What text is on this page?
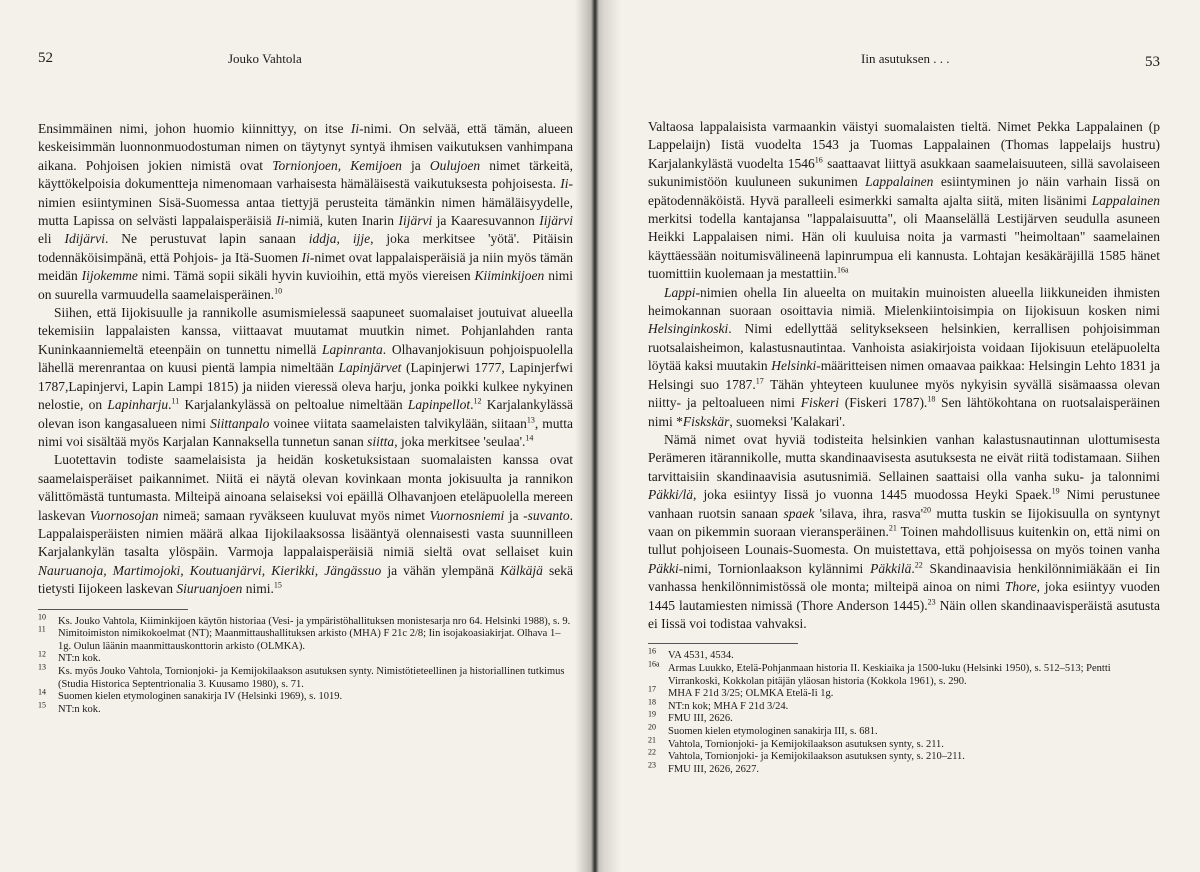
52	Jouko Vahtola

Ensimmäinen nimi, johon huomio kiinnittyy, on itse Ii-nimi. On selvää, että tämän, alueen keskeisimmän luonnonmuodostuman nimen on täytynyt syntyä ihmisen vaikutuksen vanhimpana aikana. Pohjoisen jokien nimistä ovat Tornionjoen, Kemijoen ja Oulujoen nimet tärkeitä, käyttökelpoisia dokumentteja nimenomaan varhaisesta hämäläisestä vaikutuksesta pohjoisesta. Ii-nimien esiintyminen Sisä-Suomessa antaa tiettyjä perusteita tämänkin nimen hämäläisyydelle, mutta Lapissa on selvästi lappalaisperäisiä Ii-nimiä, kuten Inarin Iijärvi ja Kaaresuvannon Iijärvi eli Idijärvi. Ne perustuvat lapin sanaan iddja, ijje, joka merkitsee 'yötä'. Pitäisin todennäköisimpänä, että Pohjois- ja Itä-Suomen Ii-nimet ovat lappalaisperäisiä ja niin myös tämän meidän Iijokemme nimi. Tämä sopii sikäli hyvin kuvioihin, että myös viereisen Kiiminkijoen nimi on suurella varmuudella saamelaisperäinen.$^{10}$

Siihen, että Iijokisuulle ja rannikolle asumismielessä saapuneet suomalaiset joutuivat alueella tekemisiin lappalaisten kanssa, viittaavat muutamat muutkin nimet. Pohjanlahden ranta Kuninkaanniemeltä eteenpäin on tunnettu nimellä Lapinranta. Olhavanjokisuun pohjoispuolella lähellä merenrantaa on kuusi pientä lampia nimeltään Lapinjärvet (Lapinjerwi 1777, Lapinjerfwi 1787,Lapinjervi, Lapin Lampi 1815) ja niiden vieressä oleva harju, jonka poikki kulkee nykyinen nelostie, on Lapinharju.$^{11}$ Karjalankylässä on peltoalue nimeltään Lapinpellot.$^{12}$ Karjalankylässä olevan ison kangasalueen nimi Siittanpalo voinee viitata saamelaisten talvikylään, siitaan$^{13}$, mutta nimi voi sisältää myös Karjalan Kannaksella tunnetun sanan siitta, joka merkitsee 'seulaa'.$^{14}$

Luotettavin todiste saamelaisista ja heidän kosketuksistaan suomalaisten kanssa ovat saamelaisperäiset paikannimet. Niitä ei näytä olevan kovinkaan monta jokisuulta ja rannikon välittömästä tuntumasta. Milteipä ainoana selaiseksi voi epäillä Olhavanjoen eteläpuolella mereen laskevan Vuornosojan nimeä; samaan ryväkseen kuuluvat myös nimet Vuornosniemi ja -suvanto. Lappalaisperäisten nimien määrä alkaa Iijokilaaksossa lisääntyä olennaisesti vasta suunnilleen Karjalankylän tasalta ylöspäin. Varmoja lappalaisperäisiä nimiä sieltä ovat sellaiset kuin Nauruanoja, Martimojoki, Koutuanjärvi, Kierikki, Jängässuo ja vähän ylempänä Kälkäjä sekä tietysti Iijokeen laskevan Siuruanjoen nimi.$^{15}$

$^{10}$ Ks. Jouko Vahtola, Kiiminkijoen käytön historiaa (Vesi- ja ympäristöhallituksen monistesarja nro 64. Helsinki 1988), s. 9.

$^{11}$ Nimitoimiston nimikokoelmat (NT); Maanmittaushallituksen arkisto (MHA) F 21c 2/8; Iin isojakoasiakirjat. Olhava 1–1g. Oulun läänin maanmittauskonttorin arkisto (OLMKA).

$^{12}$ NT:n kok.

$^{13}$ Ks. myös Jouko Vahtola, Tornionjoki- ja Kemijokilaakson asutuksen synty. Nimistötieteellinen ja historiallinen tutkimus (Studia Historica Septentrionalia 3. Kuusamo 1980), s. 71.

$^{14}$ Suomen kielen etymologinen sanakirja IV (Helsinki 1969), s. 1019.

$^{15}$ NT:n kok.

Iin asutuksen . . .	53

Valtaosa lappalaisista varmaankin väistyi suomalaisten tieltä. Nimet Pekka Lappalainen (p Lappelaijn) Iistä vuodelta 1543 ja Tuomas Lappalainen (Thomas lappelaijs hustru) Karjalankylästä vuodelta 1546$^{16}$ saattaavat liittyä asukkaan saamelaisuuteen, sillä savolaiseen sukunimistöön kuuluneen sukunimen Lappalainen esiintyminen jo näin varhain Iissä on epätodennäköistä. Hyvä paralleeli esimerkki samalta ajalta siitä, miten lisänimi Lappalainen merkitsi todella kantajansa "lappalaisuutta", oli Maanselällä Lestijärven seudulla asuneen Heikki Lappalaisen nimi. Hän oli kuuluisa noita ja varmasti "heimoltaan" saamelainen käyttäessään noitumisvälineenä lapinrumpua eli kannusta. Lohtajan kesäkäräjillä 1585 hänet tuomittiin kuolemaan ja mestattiin.$^{16a}$

Lappi-nimien ohella Iin alueelta on muitakin muinoisten alueella liikkuneiden ihmisten heimokannan suoraan osoittavia nimiä. Mielenkiintoisimpia on Iijokisuun kosken nimi Helsinginkoski. Nimi edellyttää selityksekseen helsinkien, kerrallisen pohjoisimman ruotsalaisheimon, kalastusnautintaa. Vanhoista asiakirjoista voidaan Iijokisuun eteläpuolelta löytää kaksi muutakin Helsinki-määritteisen nimen omaavaa paikkaa: Helsingin Lehto 1831 ja Helsingi suo 1787.17 Tähän yhteyteen kuulunee myös nykyisin syvällä sisämaassa olevan niitty- ja peltoalueen nimi Fiskeri (Fiskeri 1787).$^{18}$ Sen lähtökohtana on ruotsalaisperäinen nimi *Fiskskär, suomeksi 'Kalakari'.

Nämä nimet ovat hyviä todisteita helsinkien vanhan kalastusnautinnan ulottumisesta Perämeren itärannikolle, mutta skandinaavisesta asutuksesta ne eivät riitä todistamaan. Siihen tarvittaisiin skandinaavisia asutusnimiä. Sellainen saattaisi olla vanha suku- ja talonnimi Päkki/lä, joka esiintyy Iissä jo vuonna 1445 muodossa Heyki Spaek.$^{19}$ Nimi perustunee vanhaan ruotsin sanaan spaek 'silava, ihra, $rasva'^{20}$ mutta tuskin se Iijokisuulla on syntynyt vaan on pikemmin suoraan vieransperäinen.$^{21}$ Toinen mahdollisuus kuitenkin on, että nimi on tullut pohjoiseen Lounais-Suomesta. On muistettava, että pohjoisessa on myös toinen vanha Päkki-nimi, Tornionlaakson kylännimi Päkkilä.$^{22}$ Skandinaavisia henkilönnimiäkään ei Iin vanhassa henkilönnimistössä ole monta; milteipä ainoa on nimi Thore, joka esiintyy vuoden 1445 lautamiesten nimissä (Thore Anderson 1445).$^{23}$ Näin ollen skandinaavisperäistä asutusta ei Iissä voi todistaa vahvaksi.

$^{16}$ VA 4531, 4534.

$^{16a}$ Armas Luukko, Etelä-Pohjanmaan historia II. Keskiaika ja 1500-luku (Helsinki 1950), s. 512–513; Pentti Virrankoski, Kokkolan pitäjän yläosan historia (Kokkola 1961), s. 290.

$^{17}$ MHA F 21d 3/25; OLMKA Etelä-Ii 1g.

$^{18}$ NT:n kok; MHA F 21d 3/24.

$^{19}$ FMU III, 2626.

$^{20}$ Suomen kielen etymologinen sanakirja III, s. 681.

$^{21}$ Vahtola, Tornionjoki- ja Kemijokilaakson asutuksen synty, s. 211.

$^{22}$ Vahtola, Tornionjoki- ja Kemijokilaakson asutuksen synty, s. 210–211.

$^{23}$ FMU III, 2626, 2627.
